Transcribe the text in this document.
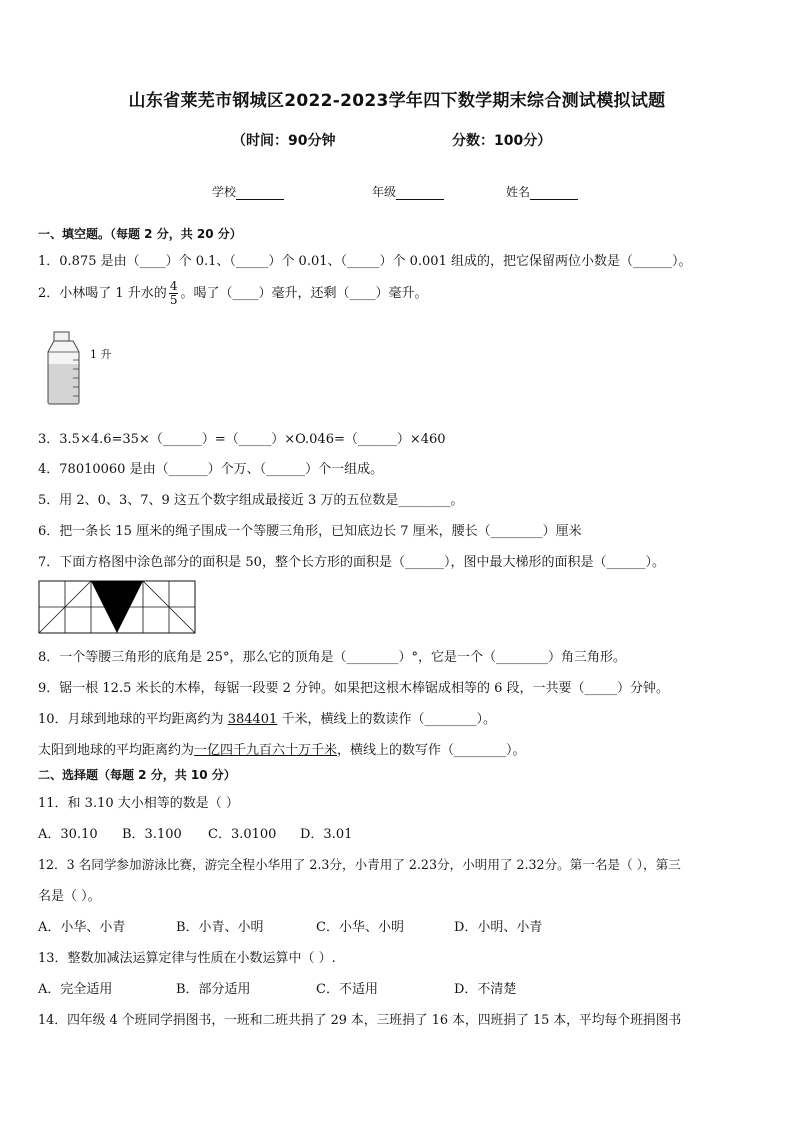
山东省莱芜市钢城区2022-2023学年四下数学期末综合测试模拟试题
（时间：90分钟	分数：100分）
学校	年级	姓名
一、填空题。（每题 2 分，共 20 分）
1．0.875 是由（____）个 0.1、（_____）个 0.01、（_____）个 0.001 组成的，把它保留两位小数是（______）。
2．小林喝了 1 升水的 $\frac{4}{5}$ 。喝了（____）毫升，还剩（____）毫升。
1 升
3．3.5×4.6=35×（______）=（_____）×O.046=（______）×460
4．78010060 是由（______）个万、（______）个一组成。
5．用 2、0、3、7、9 这五个数字组成最接近 3 万的五位数是________。
6．把一条长 15 厘米的绳子围成一个等腰三角形，已知底边长 7 厘米，腰长（________）厘米
7．下面方格图中涂色部分的面积是 50，整个长方形的面积是（______），图中最大梯形的面积是（______）。
8．一个等腰三角形的底角是 25°，那么它的顶角是（________）°，它是一个（________）角三角形。
9．锯一根 12.5 米长的木棒，每锯一段要 2 分钟。如果把这根木棒锯成相等的 6 段，一共要（_____）分钟。
10．月球到地球的平均距离约为 384401 千米，横线上的数读作（________）。
太阳到地球的平均距离约为一亿四千九百六十万千米，横线上的数写作（________）。
二、选择题（每题 2 分，共 10 分）
11．和 3.10 大小相等的数是（ ）
A．30.10 B．3.100 C．3.0100 D．3.01
12．3 名同学参加游泳比赛，游完全程小华用了 2.3分，小青用了 2.23分，小明用了 2.32分。第一名是（ ），第三
名是（ ）。
A．小华、小青	B．小青、小明	C．小华、小明	D．小明、小青
13．整数加减法运算定律与性质在小数运算中（ ）.
A．完全适用	B．部分适用	C．不适用	D．不清楚
14．四年级 4 个班同学捐图书，一班和二班共捐了 29 本，三班捐了 16 本，四班捐了 15 本，平均每个班捐图书
